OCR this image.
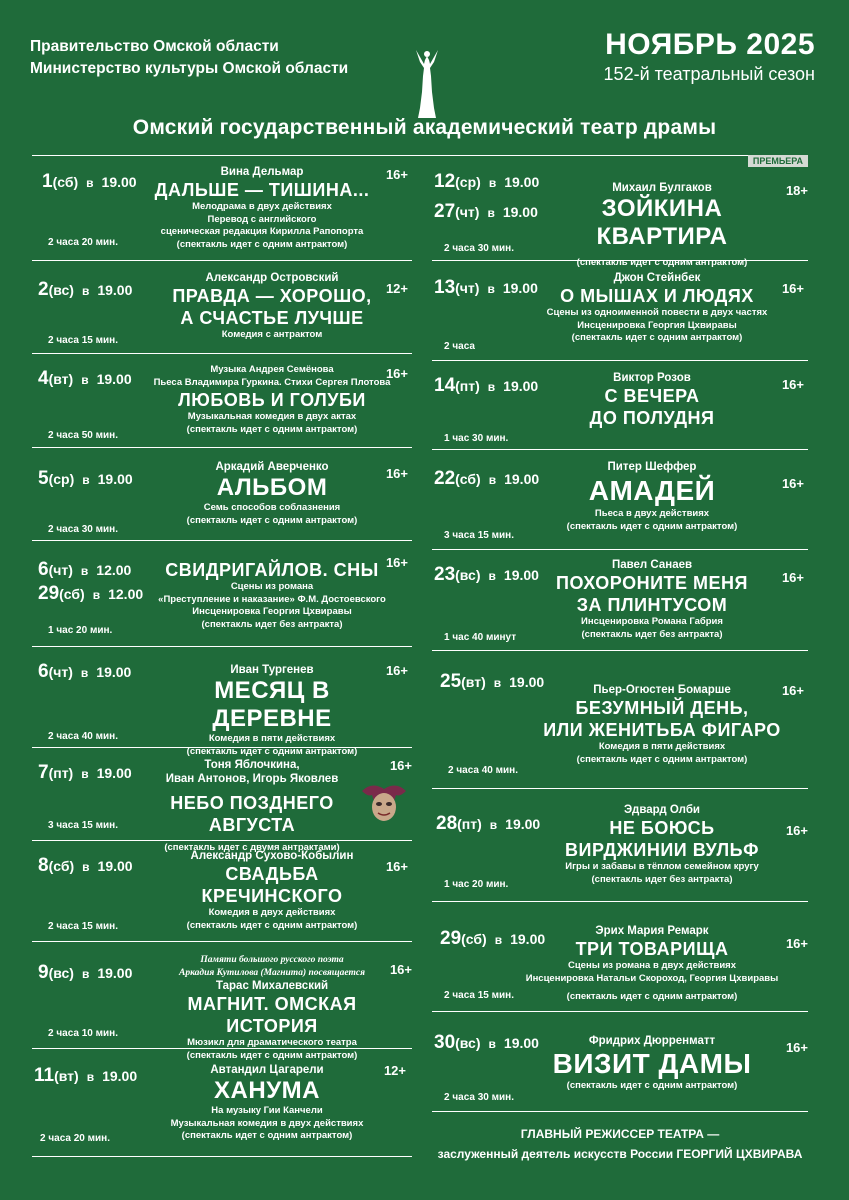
Правительство Омской области
Министерство культуры Омской области
НОЯБРЬ 2025
152-й театральный сезон
Омский государственный академический театр драмы
1(сб) в 19.00	16+
2 часа 20 мин.
Вина Дельмар
ДАЛЬШЕ — ТИШИНА...
Мелодрама в двух действиях
Перевод с английского
сценическая редакция Кирилла Рапопорта
(спектакль идет с одним антрактом)
2(вс) в 19.00	12+
2 часа 15 мин.
Александр Островский
ПРАВДА — ХОРОШО,
А СЧАСТЬЕ ЛУЧШЕ
Комедия с антрактом
4(вт) в 19.00	16+
2 часа 50 мин.
Музыка Андрея Семёнова
Пьеса Владимира Гуркина. Стихи Сергея Плотова
ЛЮБОВЬ И ГОЛУБИ
Музыкальная комедия в двух актах
(спектакль идет с одним антрактом)
5(ср) в 19.00	16+
2 часа 30 мин.
Аркадий Аверченко
АЛЬБОМ
Семь способов соблазнения
(спектакль идет с одним антрактом)
6(чт) в 12.00
29(сб) в 12.00
16+
1 час 20 мин.
СВИДРИГАЙЛОВ. СНЫ
Сцены из романа
«Преступление и наказание» Ф.М. Достоевского
Инсценировка Георгия Цхвиравы
(спектакль идет без антракта)
6(чт) в 19.00	16+
2 часа 40 мин.
Иван Тургенев
МЕСЯЦ В ДЕРЕВНЕ
Комедия в пяти действиях
(спектакль идет с одним антрактом)
7(пт) в 19.00	16+
3 часа 15 мин.
Тоня Яблочкина,
Иван Антонов, Игорь Яковлев
НЕБО ПОЗДНЕГО АВГУСТА
(спектакль идет с двумя антрактами)
8(сб) в 19.00	16+
2 часа 15 мин.
Александр Сухово-Кобылин
СВАДЬБА
КРЕЧИНСКОГО
Комедия в двух действиях
(спектакль идет с одним антрактом)
9(вс) в 19.00	16+
2 часа 10 мин.
Памяти большого русского поэта
Аркадия Кутилова (Магнита) посвящается
Тарас Михалевский
МАГНИТ. ОМСКАЯ ИСТОРИЯ
Мюзикл для драматического театра
(спектакль идет с одним антрактом)
11(вт) в 19.00	12+
2 часа 20 мин.
Автандил Цагарели
ХАНУМА
На музыку Гии Канчели
Музыкальная комедия в двух действиях
(спектакль идет с одним антрактом)
ПРЕМЬЕРА
12(ср) в 19.00
27(чт) в 19.00
18+
2 часа 30 мин.
Михаил Булгаков
ЗОЙКИНА КВАРТИРА
(спектакль идет с одним антрактом)
13(чт) в 19.00	16+
2 часа
Джон Стейнбек
О МЫШАХ И ЛЮДЯХ
Сцены из одноименной повести в двух частях
Инсценировка Георгия Цхвиравы
(спектакль идет с одним антрактом)
14(пт) в 19.00	16+
1 час 30 мин.
Виктор Розов
С ВЕЧЕРА
ДО ПОЛУДНЯ
22(сб) в 19.00	16+
3 часа 15 мин.
Питер Шеффер
АМАДЕЙ
Пьеса в двух действиях
(спектакль идет с одним антрактом)
23(вс) в 19.00	16+
1 час 40 минут
Павел Санаев
ПОХОРОНИТЕ МЕНЯ
ЗА ПЛИНТУСОМ
Инсценировка Романа Габрия
(спектакль идет без антракта)
25(вт) в 19.00
16+
2 часа 40 мин.
Пьер-Огюстен Бомарше
БЕЗУМНЫЙ ДЕНЬ,
ИЛИ ЖЕНИТЬБА ФИГАРО
Комедия в пяти действиях
(спектакль идет с одним антрактом)
28(пт) в 19.00	16+
1 час 20 мин.
Эдвард Олби
НЕ БОЮСЬ
ВИРДЖИНИИ ВУЛЬФ
Игры и забавы в тёплом семейном кругу
(спектакль идет без антракта)
29(сб) в 19.00	16+
2 часа 15 мин.
Эрих Мария Ремарк
ТРИ ТОВАРИЩА
Сцены из романа в двух действиях
Инсценировка Натальи Скороход, Георгия Цхвиравы
(спектакль идет с одним антрактом)
30(вс) в 19.00	16+
2 часа 30 мин.
Фридрих Дюрренматт
ВИЗИТ ДАМЫ
(спектакль идет с одним антрактом)
ГЛАВНЫЙ РЕЖИССЕР ТЕАТРА —
заслуженный деятель искусств России ГЕОРГИЙ ЦХВИРАВА
